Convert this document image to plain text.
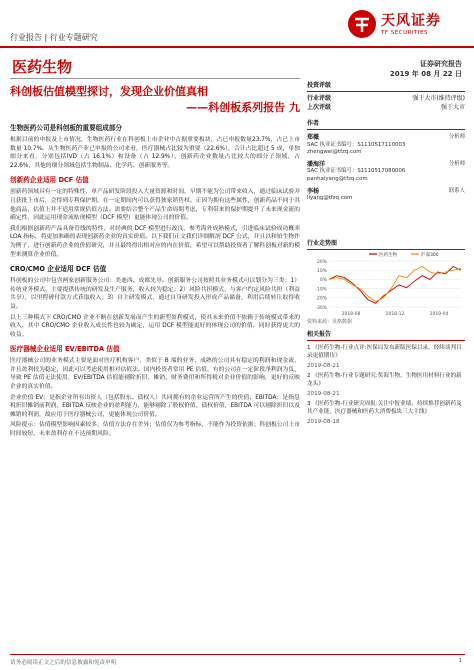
行业报告 | 行业专题研究
天风证券
TF SECURITIES
医药生物	证券研究报告
2019 年 08 月 22 日
科创板估值模型探讨，发现企业价值真相
——科创板系列报告 九
生物医药公司是科创板的重要组成部分
根据目前的申报及上市情况，生物医药行业在科创板上市企业中占据重要板块，占已申报数量23.7%，占已上市数量 10.7%。从生物医药产业已申报的公司来看，医疗器械占比较为重要（22.6%），合计占比超过 5 成，单独细分来看，分别包括IVD（占 16.1%）和设备（占 12.9%），创新药企业数量占比较大的细分子领域，占 22.6%，其他的细分领域包括生物制品、化学药、创新服务等。
创新药企业适用 DCF 估值
创新药领域具有一定的特殊性，单产品研发阶段投入大量资源和时间，早期不能为公司带来收入，通过临床试验并且获批上市后，会得到专利保护期，在一定期间内可以获得独家销售权。正因为拥有这些属性，创新药品不同于其他商品，估值上并不适用常规估值方法。需要结合整个产品生命周期考虑，专利带来的保护期提升了未来现金流的确定性，因此运用现金流贴现模型（DCF 模型）更能体现公司的价值。
我们根据创新药产品具备管线的特性，对经典的 DCF 模型进行改良，参考海外成熟模式，引进临床试验成功概率 LOA 指标，将更加准确的表现创新药企业的真实价值。以下我们正文我们详细解剖 DCF 公式，并且以和铂生物作为例子，进行创新药企业的价值研究，并且最终得出相对应的内在价值。希望可以帮助投资者了解科创板对新的模型来测算企业价值。
CRO/CMO 企业适用 DCF 估值
科创板的公司中包含两家创新服务公司：美迪西、成都先导。创新服务公司按照其业务模式可以划分为三类：1）传统业务模式，主要提供传统的研发及生产服务，收入较为稳定；2）风险共担模式，与客户约定风险共担（利益共享），以里程碑付款方式获取收入；3）自主研发模式，通过自身研发投入形成产品储备，利用后续转让取得收益。
以上三种模式下 CRO/CMO 企业不断在创新发展而产生的新型盈利模式，使其未来价值不依赖于传统模式带来的收入，其中 CRO/CMO 企业收入成长性也较为确定，运用 DCF 模型能更好的体现公司的价值，同时获得更大的收益。
医疗器械企业适用 EV/EBITDA 估值
医疗器械公司的业务模式主要是面对医疗机构客户，类似于 B 端的业务，成熟的公司具有稳定的利润和现金流，并且盈利较为稳定，因此可以考虑使用相对估值法。国内投资者常用 PE 估值，有的公司在一定阶段净利润为负，导致 PE 估值无法使用，EV/EBITDA 估值能剔除折旧、摊销、财务费用和所得税对企业价值的影响，更好的反映企业的真实价值。
企业价值 EV：是指企业所有出资人（包括股东、债权人）共同拥有的企业运营所产生的价值；EBITDA：是指息税折旧摊销前利润，EBITDA 反映企业的盈利能力，能够剔除了股权价值、债权价值，EBITDA 可以剔除折旧以及摊销的利润，故应用于医疗器械公司，更能体现公司价值。
风险提示：估值模型影响因素较多，估值方法存在差异；估值仅为参考指标，不能作为投资依据；科创板公司上市时间较短，未来盈利存在不达预期风险。
投资评级
行业评级	强于大市(维持评级)
上次评级	强于大市
作者
郑薇	分析师
SAC 执业证书编号：S1110517110003
zhengwei@tfzq.com
潘海洋	分析师
SAC 执业证书编号：S1110517080006
panhaiyang@tfzq.com
李杨	联系人
liyang@tfzq.com
行业走势图
20%
10%
0%
-10%
-20%
-30%
2018-08	2018-12	2019-04
医药生物	沪深300
资料来源：贝格数据
相关报告
1 《医药生物-行业点评:医保局发布新版医保目录，经续谈判目录更值期待》
2019-08-21
2 《医药生物-行业专题研究:奖海生物，生物医用材料行业的新龙头》
2019-08-21
3 《医药生物-行业研究周报:关注中报业绩，持续推荐创新药及其产业链，医疗器械和医药大消费板块三大主线》
2019-08-18
请务必阅读正文之后的信息披露和免责申明	1
